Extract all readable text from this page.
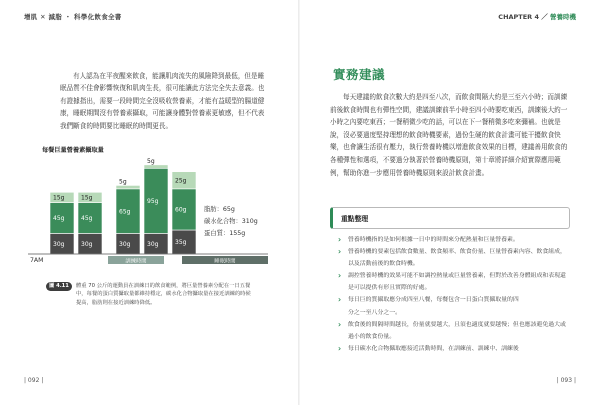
增肌 ✕ 減脂 ・ 科學化飲食全書

有人認為在平夜醒來飲食，能讓肌肉流失的風險降到最低，但是睡眠品質不佳會影響恢復和肌肉生長，很可能讓此方法完全失去意義。也有證據指出，需要一段時間完全沒吸收營養素，才能有益暖型的腸道健康，睡眠期間沒有營養素攝取，可能讓身體對營養素更敏感，但不代表我們斷食的時間要比睡眠的時間更長。

每餐巨量營養素攝取量
30g
45g
15g
30g
45g
15g
30g
65g
5g
30g
95g
5g
35g
60g
25g
脂肪：65g
碳水化合物：310g
蛋白質：155g
7AM	訓練時間	睡眠時間
圖 4.11	體重 70 公斤的運動員在訓練日的飲食範例，將巨量營養素分配在一日五餐中，每餐的蛋白質攝取量都維持穩定，碳水化合物攝取量在接近訓練的時候提高，脂肪則在接近訓練時降低。

| 092 |
CHAPTER 4 ／ 營養時機
實務建議

每天建議的飲食次數大約是四至八次，而飲食間隔大約是三至六小時；而訓練前後飲食時間也有彈性空間，建議訓練前半小時至四小時要吃東西，訓練後大約一小時之內要吃東西；一餐稍微少吃的話，可以在下一餐稍微多吃來彌補。也就是說，沒必要過度堅持理想的飲食時機要素，過份生硬的飲食計畫可能干擾飲食快樂，也會讓生活很有壓力，執行營養時機以增進飲食效果的目標，建議善用飲食的各種彈性和選項，不要過分執著於營養時機原則，第十章將詳細介紹實際應用範例，幫助你進一步應用營養時機原則來設計飲食計畫。

重點整理
› 營養時機指的是如何根據一日中的時間來分配熱量和巨量營養素。
› 營養時機的要素包括飲食數量、飲食頻率、飲食份量、巨量營養素內容、飲食組成，以及活動前後的飲食時機。
› 調控營養時機的效果可能不如調控熱量或巨量營養素，但對於改善身體組成和表現還是可以提供有形且實際的好處。
› 每日巨的質攝取應分成四至八餐，每餐包含一日蛋白質攝取量的四
分之一至八分之一。
› 飲食後的間隔時間越長，份量就要越大，且須也適度就要越慢；但也應該避免過大或過小的飲食份量。
› 每日碳水化合物攝取應接近活動時間，在訓練前、訓練中、訓練後
| 093 |
